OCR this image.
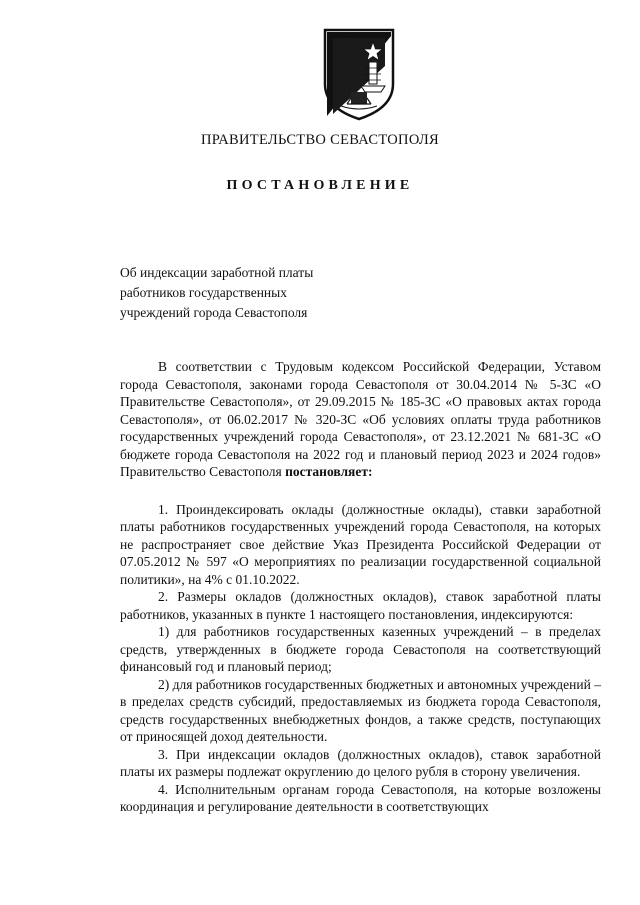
ПРАВИТЕЛЬСТВО СЕВАСТОПОЛЯ
ПОСТАНОВЛЕНИЕ
Об индексации заработной платы
работников государственных
учреждений города Севастополя

В соответствии с Трудовым кодексом Российской Федерации, Уставом города Севастополя, законами города Севастополя от 30.04.2014 № 5-ЗС «О Правительстве Севастополя», от 29.09.2015 № 185-ЗС «О правовых актах города Севастополя», от 06.02.2017 № 320-ЗС «Об условиях оплаты труда работников государственных учреждений города Севастополя», от 23.12.2021 № 681-ЗС «О бюджете города Севастополя на 2022 год и плановый период 2023 и 2024 годов» Правительство Севастополя постановляет:

1. Проиндексировать оклады (должностные оклады), ставки заработной платы работников государственных учреждений города Севастополя, на которых не распространяет свое действие Указ Президента Российской Федерации от 07.05.2012 № 597 «О мероприятиях по реализации государственной социальной политики», на 4% с 01.10.2022.

2. Размеры окладов (должностных окладов), ставок заработной платы работников, указанных в пункте 1 настоящего постановления, индексируются:

1) для работников государственных казенных учреждений – в пределах средств, утвержденных в бюджете города Севастополя на соответствующий финансовый год и плановый период;

2) для работников государственных бюджетных и автономных учреждений – в пределах средств субсидий, предоставляемых из бюджета города Севастополя, средств государственных внебюджетных фондов, а также средств, поступающих от приносящей доход деятельности.

3. При индексации окладов (должностных окладов), ставок заработной платы их размеры подлежат округлению до целого рубля в сторону увеличения.

4. Исполнительным органам города Севастополя, на которые возложены координация и регулирование деятельности в соответствующих
